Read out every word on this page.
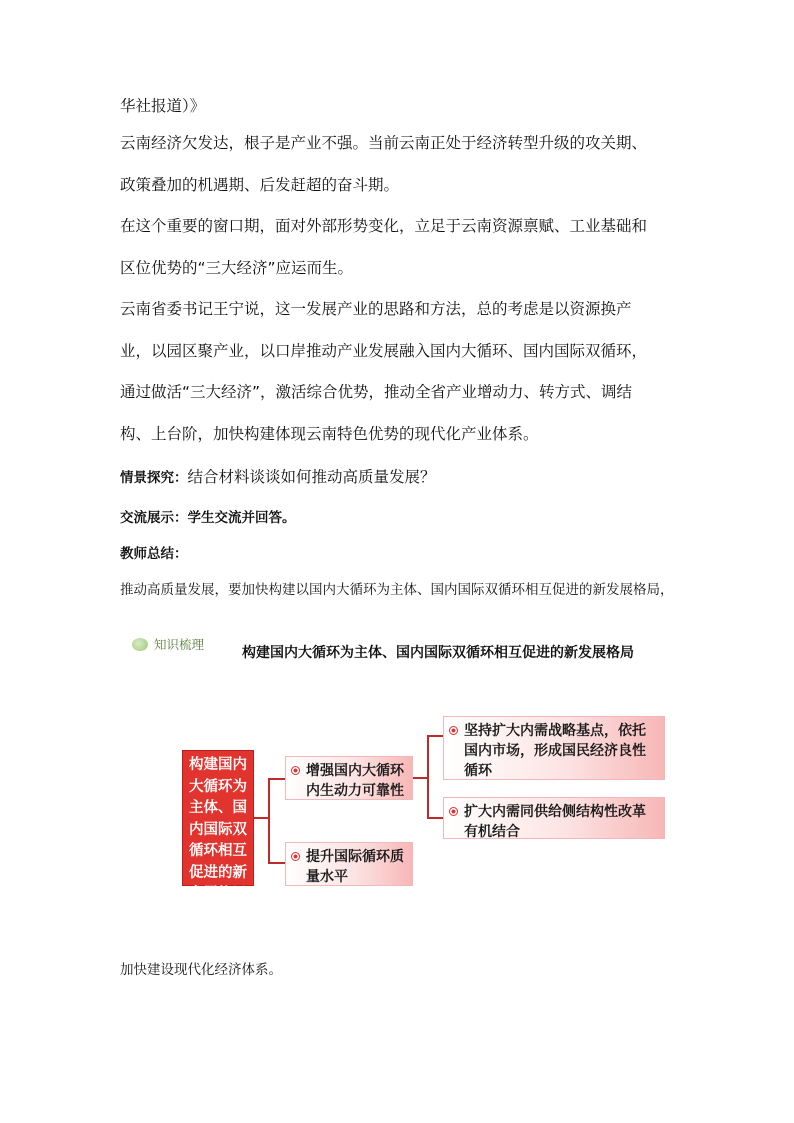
华社报道）》
云南经济欠发达，根子是产业不强。当前云南正处于经济转型升级的攻关期、
政策叠加的机遇期、后发赶超的奋斗期。
在这个重要的窗口期，面对外部形势变化，立足于云南资源禀赋、工业基础和
区位优势的“三大经济”应运而生。
云南省委书记王宁说，这一发展产业的思路和方法，总的考虑是以资源换产
业，以园区聚产业，以口岸推动产业发展融入国内大循环、国内国际双循环，
通过做活“三大经济”，激活综合优势，推动全省产业增动力、转方式、调结
构、上台阶，加快构建体现云南特色优势的现代化产业体系。
情景探究：结合材料谈谈如何推动高质量发展？
交流展示：学生交流并回答。
教师总结：
推动高质量发展，要加快构建以国内大循环为主体、国内国际双循环相互促进的新发展格局，
知识梳理
构建国内大循环为主体、国内国际双循环相互促进的新发展格局
构建国内大循环为主体、国内国际双循环相互促进的新发展格局
增强国内大循环内生动力可靠性
提升国际循环质量水平
坚持扩大内需战略基点，依托国内市场，形成国民经济良性循环
扩大内需同供给侧结构性改革有机结合
加快建设现代化经济体系。
